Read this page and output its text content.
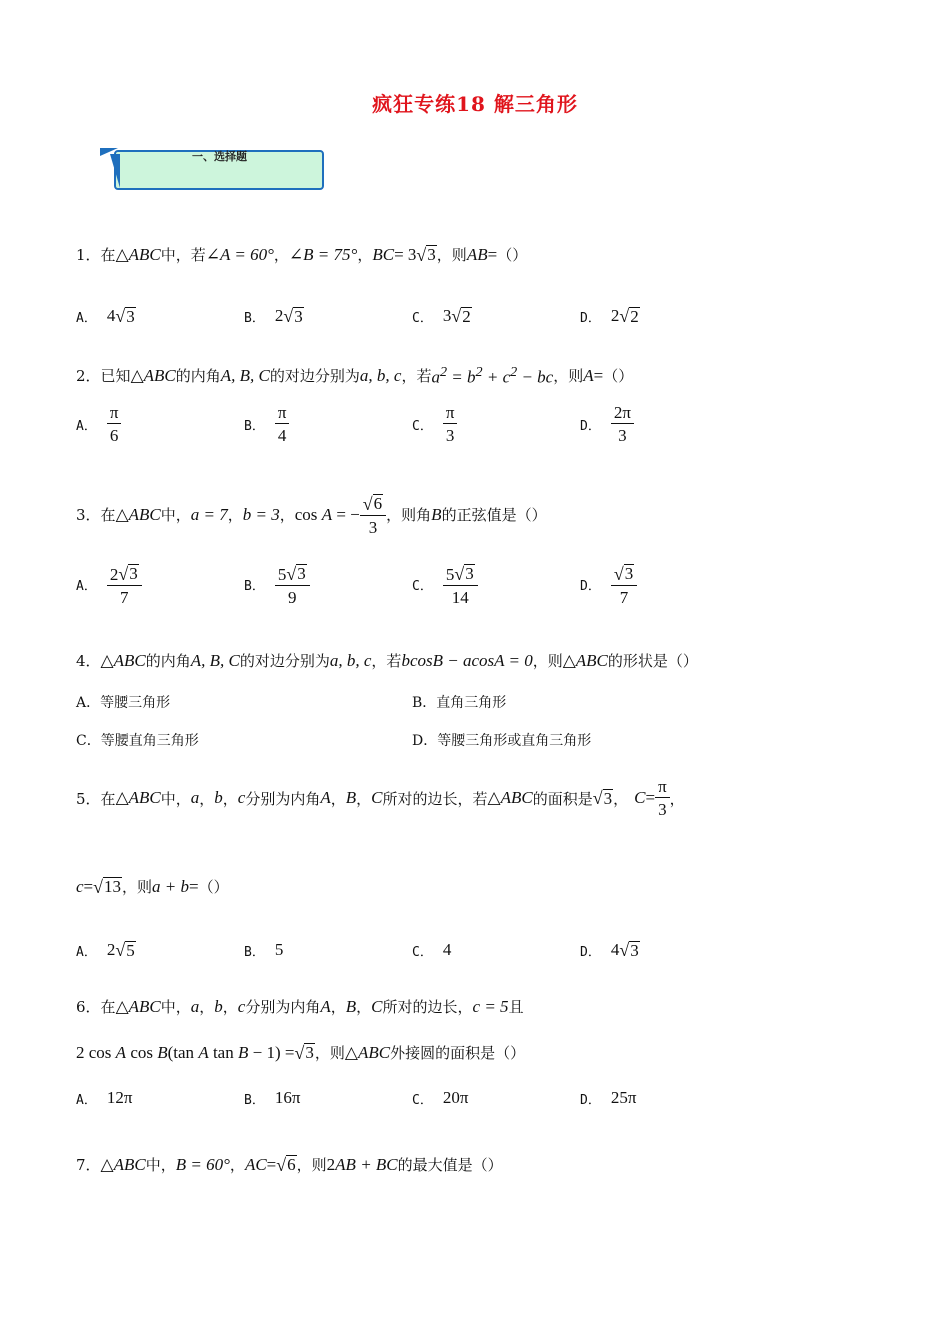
疯狂专练18 解三角形
一、选择题
1． 在 △ABC 中，若 ∠A = 60° ， ∠B = 75° ， BC = 3 √ 3 ，则 AB = （）
A． 4 √ 3	B． 2 √ 3	C． 3 √ 2	D． 2 √ 2
2． 已知 △ABC 的内角 A, B, C 的对边分别为 a, b, c ，若 $a^2 = b^2 + c^2$ − bc ，则 A = （）
A． $\frac{\pi}{6}$	B． $\frac{\pi}{4}$	C． $\frac{\pi}{3}$	D． $\frac{2\pi}{3}$
3． 在 △ABC 中， a = 7 ， b = 3 ， cos A = − $\frac{√ 6}{3}$ ，则角 B 的正弦值是（）
A． $\frac{2 √ 3}{7}$	B． $\frac{5 √ 3}{9}$	C． $\frac{5 √ 3}{14}$	D． $\frac{√ 3}{7}$
4． △ABC 的内角 A, B, C 的对边分别为 a, b, c ，若 bcosB − acosA = 0 ，则 △ABC 的形状是（）
A．等腰三角形	B．直角三角形
C．等腰直角三角形	D．等腰三角形或直角三角形
5． 在 △ABC 中， a ， b ， c 分别为内角 A ， B ， C 所对的边长，若 △ABC 的面积是 √ 3 ， $C = \frac{\pi}{3}$ ，
c = √ 13 ，则 a + b = （）
A． 2 √ 5	B． 5	C． 4	D． 4 √ 3
6． 在 △ABC 中， a ， b ， c 分别为内角 A ， B ， C 所对的边长， c = 5 且
2 cos A cos B(tan A tan B − 1) = √ 3 ，则 △ABC 外接圆的面积是（）
A． 12π	B． 16π	C． 20π	D． 25π
7． △ABC 中， B = 60° ， AC = √ 6 ，则 2 AB + BC 的最大值是（）
